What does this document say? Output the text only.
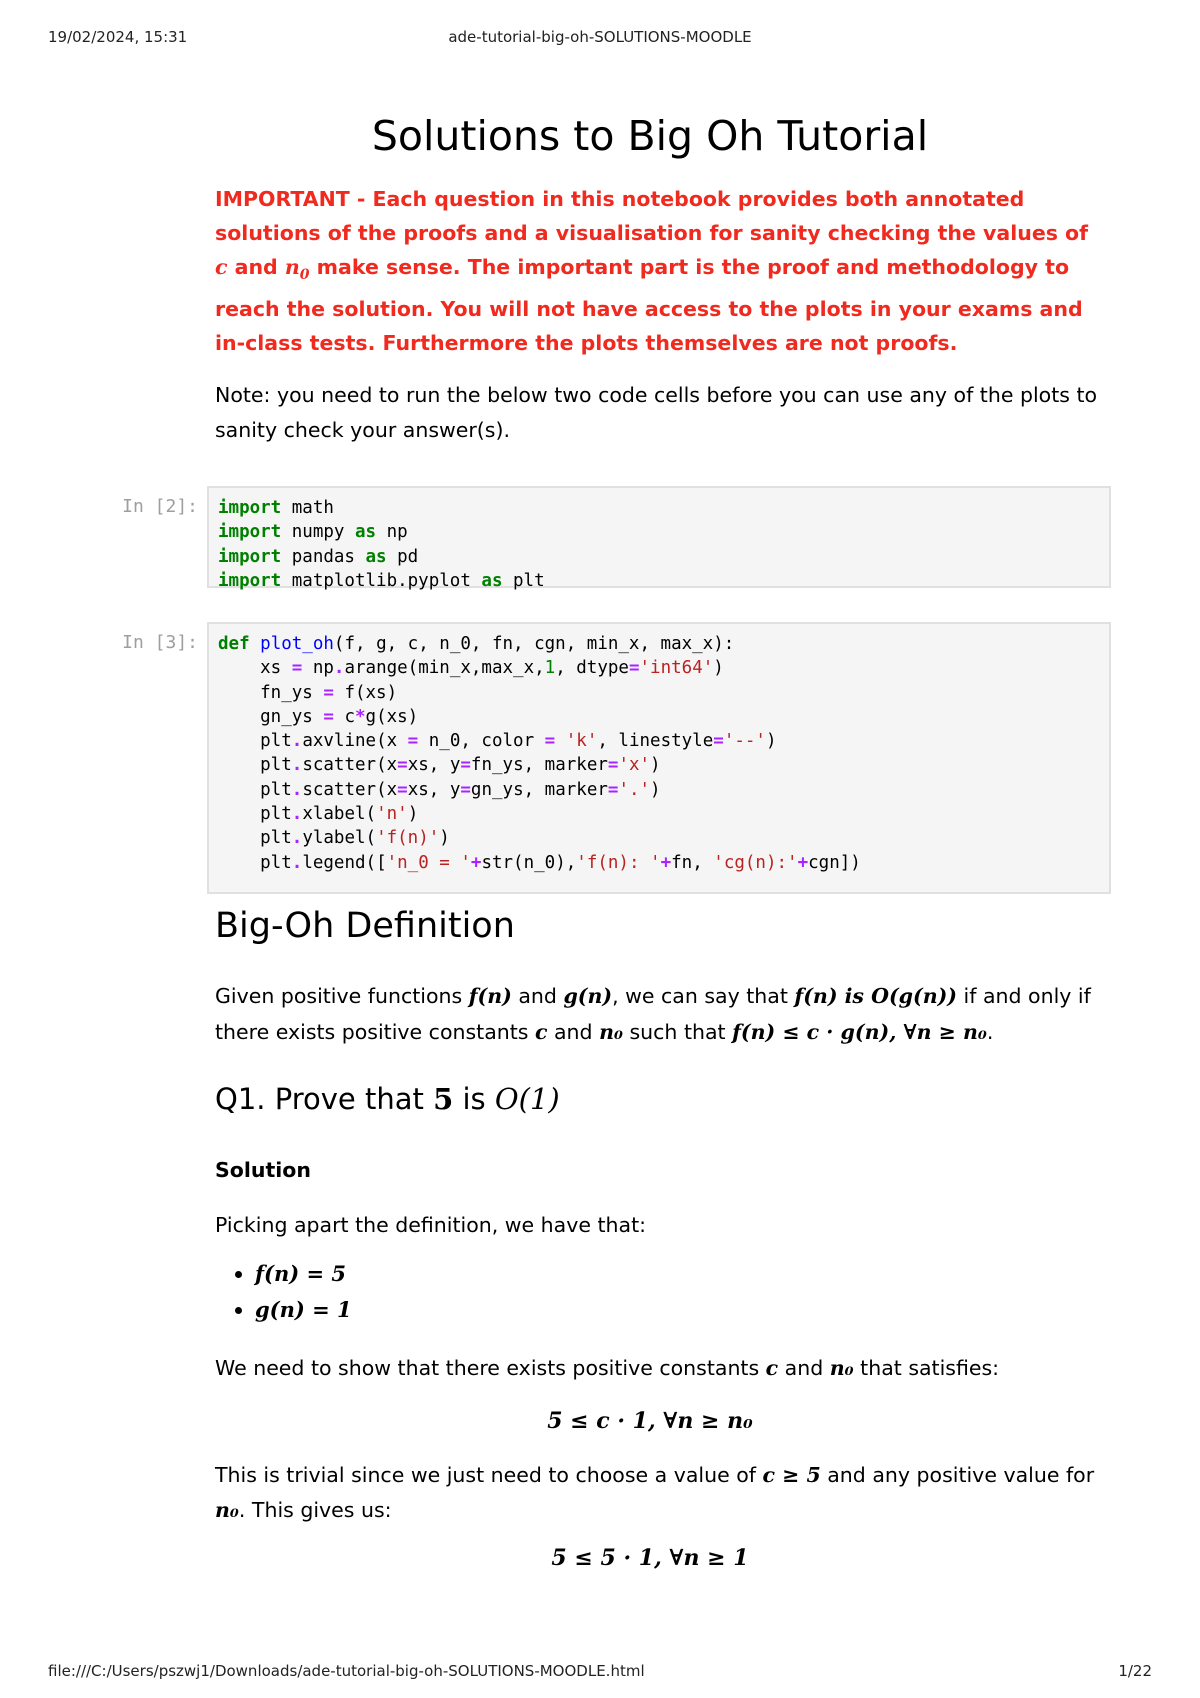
19/02/2024, 15:31	ade-tutorial-big-oh-SOLUTIONS-MOODLE
Solutions to Big Oh Tutorial

IMPORTANT - Each question in this notebook provides both annotated solutions of the proofs and a visualisation for sanity checking the values of c and $n_0$ make sense. The important part is the proof and methodology to reach the solution. You will not have access to the plots in your exams and in-class tests. Furthermore the plots themselves are not proofs.

Note: you need to run the below two code cells before you can use any of the plots to sanity check your answer(s).

In [2]:	import math
import numpy as np
import pandas as pd
import matplotlib.pyplot as plt
In [3]:	def plot_oh(f, g, c, n_0, fn, cgn, min_x, max_x):
xs = np.arange(min_x,max_x,1, dtype='int64')
fn_ys = f(xs)
gn_ys = c*g(xs)
plt.axvline(x = n_0, color = 'k', linestyle='--')
plt.scatter(x=xs, y=fn_ys, marker='x')
plt.scatter(x=xs, y=gn_ys, marker='.')
plt.xlabel('n')
plt.ylabel('f(n)')
plt.legend(['n_0 = '+str(n_0),'f(n): '+fn, 'cg(n):'+cgn])
Big-Oh Definition

Given positive functions f(n) and g(n), we can say that f(n) is O(g(n)) if and only if there exists positive constants c and n₀ such that f(n) ≤ c · g(n), ∀n ≥ n₀.

Q1. Prove that 5 is O(1)

Solution

Picking apart the definition, we have that:

• f(n) = 5
• g(n) = 1

We need to show that there exists positive constants c and n₀ that satisfies:

5 ≤ c · 1, ∀n ≥ n₀

This is trivial since we just need to choose a value of c ≥ 5 and any positive value for n₀. This gives us:

5 ≤ 5 · 1, ∀n ≥ 1

file:///C:/Users/pszwj1/Downloads/ade-tutorial-big-oh-SOLUTIONS-MOODLE.html	1/22
